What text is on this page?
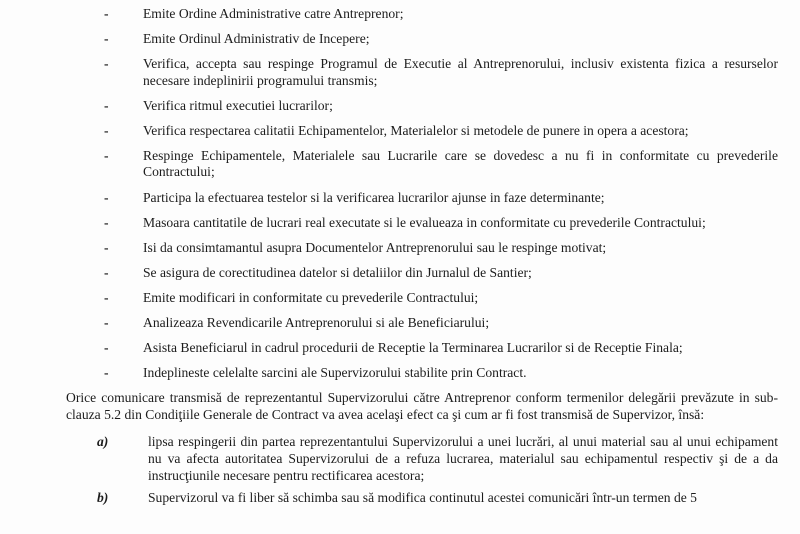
-	Emite Ordine Administrative catre Antreprenor;
-	Emite Ordinul Administrativ de Incepere;
-	Verifica, accepta sau respinge Programul de Executie al Antreprenorului, inclusiv existenta fizica a resurselor necesare indeplinirii programului transmis;
-	Verifica ritmul executiei lucrarilor;
-	Verifica respectarea calitatii Echipamentelor, Materialelor si metodele de punere in opera a acestora;
-	Respinge Echipamentele, Materialele sau Lucrarile care se dovedesc a nu fi in conformitate cu prevederile Contractului;
-	Participa la efectuarea testelor si la verificarea lucrarilor ajunse in faze determinante;
-	Masoara cantitatile de lucrari real executate si le evalueaza in conformitate cu prevederile Contractului;
-	Isi da consimtamantul asupra Documentelor Antreprenorului sau le respinge motivat;
-	Se asigura de corectitudinea datelor si detaliilor din Jurnalul de Santier;
-	Emite modificari in conformitate cu prevederile Contractului;
-	Analizeaza Revendicarile Antreprenorului si ale Beneficiarului;
-	Asista Beneficiarul in cadrul procedurii de Receptie la Terminarea Lucrarilor si de Receptie Finala;
-	Indeplineste celelalte sarcini ale Supervizorului stabilite prin Contract.

Orice comunicare transmisă de reprezentantul Supervizorului către Antreprenor conform termenilor delegării prevăzute in sub-clauza 5.2 din Condiţiile Generale de Contract va avea acelaşi efect ca şi cum ar fi fost transmisă de Supervizor, însă:

a)	lipsa respingerii din partea reprezentantului Supervizorului a unei lucrări, al unui material sau al unui echipament nu va afecta autoritatea Supervizorului de a refuza lucrarea, materialul sau echipamentul respectiv şi de a da instrucţiunile necesare pentru rectificarea acestora;
b)	Supervizorul va fi liber să schimba sau să modifica continutul acestei comunicări într-un termen de 5
